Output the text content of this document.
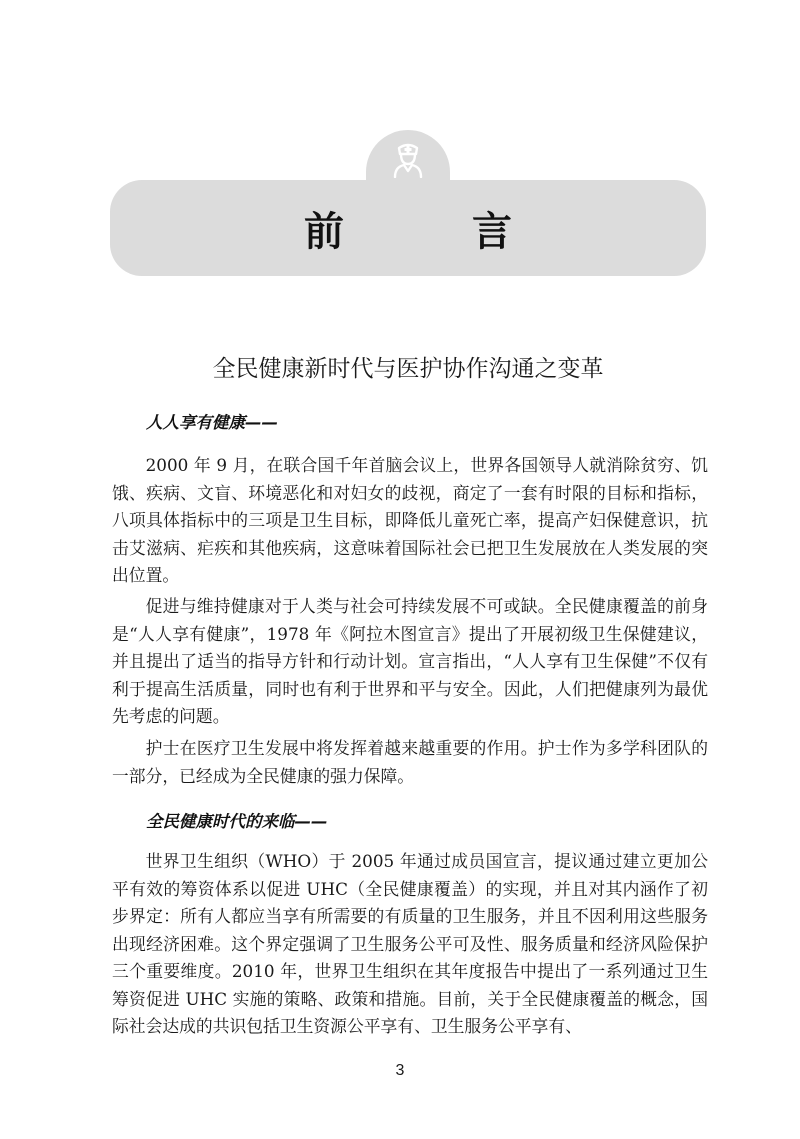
前　言
全民健康新时代与医护协作沟通之变革
人人享有健康——

2000 年 9 月，在联合国千年首脑会议上，世界各国领导人就消除贫穷、饥饿、疾病、文盲、环境恶化和对妇女的歧视，商定了一套有时限的目标和指标，八项具体指标中的三项是卫生目标，即降低儿童死亡率，提高产妇保健意识，抗击艾滋病、疟疾和其他疾病，这意味着国际社会已把卫生发展放在人类发展的突出位置。

促进与维持健康对于人类与社会可持续发展不可或缺。全民健康覆盖的前身是“人人享有健康”，1978 年《阿拉木图宣言》提出了开展初级卫生保健建议，并且提出了适当的指导方针和行动计划。宣言指出，“人人享有卫生保健”不仅有利于提高生活质量，同时也有利于世界和平与安全。因此，人们把健康列为最优先考虑的问题。

护士在医疗卫生发展中将发挥着越来越重要的作用。护士作为多学科团队的一部分，已经成为全民健康的强力保障。

全民健康时代的来临——

世界卫生组织（WHO）于 2005 年通过成员国宣言，提议通过建立更加公平有效的筹资体系以促进 UHC（全民健康覆盖）的实现，并且对其内涵作了初步界定：所有人都应当享有所需要的有质量的卫生服务，并且不因利用这些服务出现经济困难。这个界定强调了卫生服务公平可及性、服务质量和经济风险保护三个重要维度。2010 年，世界卫生组织在其年度报告中提出了一系列通过卫生筹资促进 UHC 实施的策略、政策和措施。目前，关于全民健康覆盖的概念，国际社会达成的共识包括卫生资源公平享有、卫生服务公平享有、

3
